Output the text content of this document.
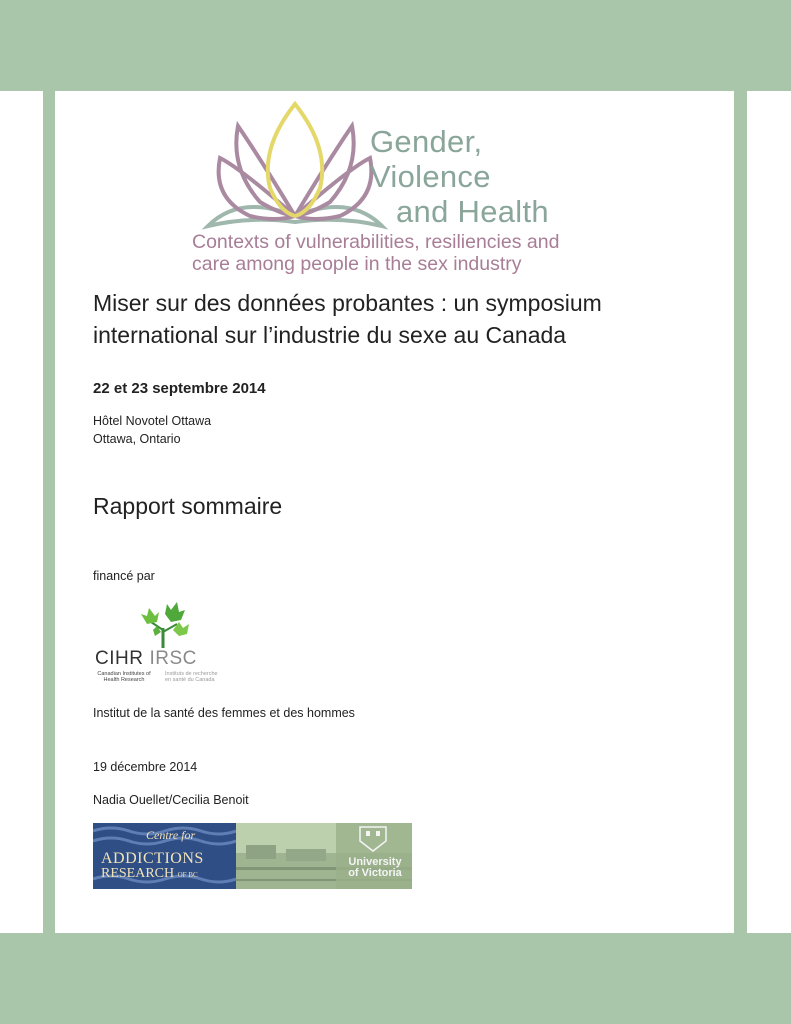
Gender,
Violence
and Health
Contexts of vulnerabilities, resiliencies and
care among people in the sex industry
Miser sur des données probantes : un symposium
international sur l’industrie du sexe au Canada
22 et 23 septembre 2014
Hôtel Novotel Ottawa
Ottawa, Ontario
Rapport sommaire
financé par
CIHR IRSC
Canadian Institutes of Health Research
Instituts de recherche en santé du Canada
Institut de la santé des femmes et des hommes
19 décembre 2014
Nadia Ouellet/Cecilia Benoit
Centre for
ADDICTIONS
RESEARCH OF BC
University
of Victoria
